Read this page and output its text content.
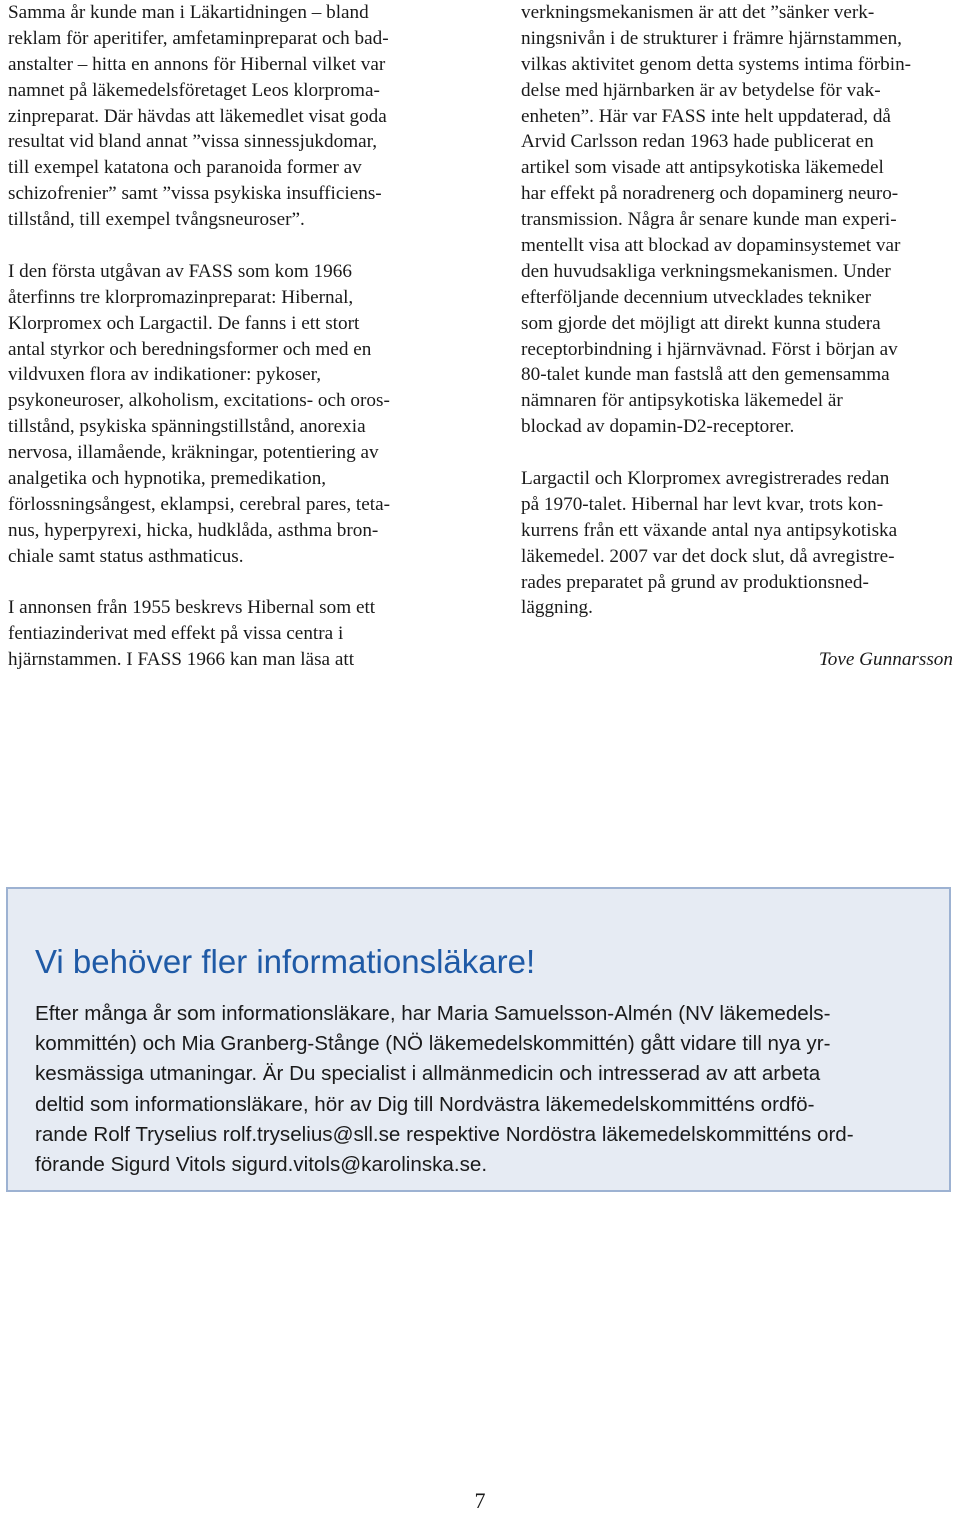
Samma år kunde man i Läkartidningen – bland
reklam för aperitifer, amfetaminpreparat och bad-
anstalter – hitta en annons för Hibernal vilket var
namnet på läkemedelsföretaget Leos klorproma-
zinpreparat. Där hävdas att läkemedlet visat goda
resultat vid bland annat ”vissa sinnessjukdomar,
till exempel katatona och paranoida former av
schizofrenier” samt ”vissa psykiska insufficiens-
tillstånd, till exempel tvångsneuroser”.

I den första utgåvan av FASS som kom 1966
återfinns tre klorpromazinpreparat: Hibernal,
Klorpromex och Largactil. De fanns i ett stort
antal styrkor och beredningsformer och med en
vildvuxen flora av indikationer: pykoser,
psykoneuroser, alkoholism, excitations- och oros-
tillstånd, psykiska spänningstillstånd, anorexia
nervosa, illamående, kräkningar, potentiering av
analgetika och hypnotika, premedikation,
förlossningsångest, eklampsi, cerebral pares, teta-
nus, hyperpyrexi, hicka, hudklåda, asthma bron-
chiale samt status asthmaticus.

I annonsen från 1955 beskrevs Hibernal som ett
fentiazinderivat med effekt på vissa centra i
hjärnstammen. I FASS 1966 kan man läsa att

verkningsmekanismen är att det ”sänker verk-
ningsnivån i de strukturer i främre hjärnstammen,
vilkas aktivitet genom detta systems intima förbin-
delse med hjärnbarken är av betydelse för vak-
enheten”. Här var FASS inte helt uppdaterad, då
Arvid Carlsson redan 1963 hade publicerat en
artikel som visade att antipsykotiska läkemedel
har effekt på noradrenerg och dopaminerg neuro-
transmission. Några år senare kunde man experi-
mentellt visa att blockad av dopaminsystemet var
den huvudsakliga verkningsmekanismen. Under
efterföljande decennium utvecklades tekniker
som gjorde det möjligt att direkt kunna studera
receptorbindning i hjärnvävnad. Först i början av
80-talet kunde man fastslå att den gemensamma
nämnaren för antipsykotiska läkemedel är
blockad av dopamin-D2-receptorer.

Largactil och Klorpromex avregistrerades redan
på 1970-talet. Hibernal har levt kvar, trots kon-
kurrens från ett växande antal nya antipsykotiska
läkemedel. 2007 var det dock slut, då avregistre-
rades preparatet på grund av produktionsned-
läggning.

Tove Gunnarsson
Vi behöver fler informationsläkare!
Efter många år som informationsläkare, har Maria Samuelsson-Almén (NV läkemedels-
kommittén) och Mia Granberg-Stånge (NÖ läkemedelskommittén) gått vidare till nya yr-
kesmässiga utmaningar. Är Du specialist i allmänmedicin och intresserad av att arbeta
deltid som informationsläkare, hör av Dig till Nordvästra läkemedelskommitténs ordfö-
rande Rolf Tryselius rolf.tryselius@sll.se respektive Nordöstra läkemedelskommitténs ord-
förande Sigurd Vitols sigurd.vitols@karolinska.se.
7
